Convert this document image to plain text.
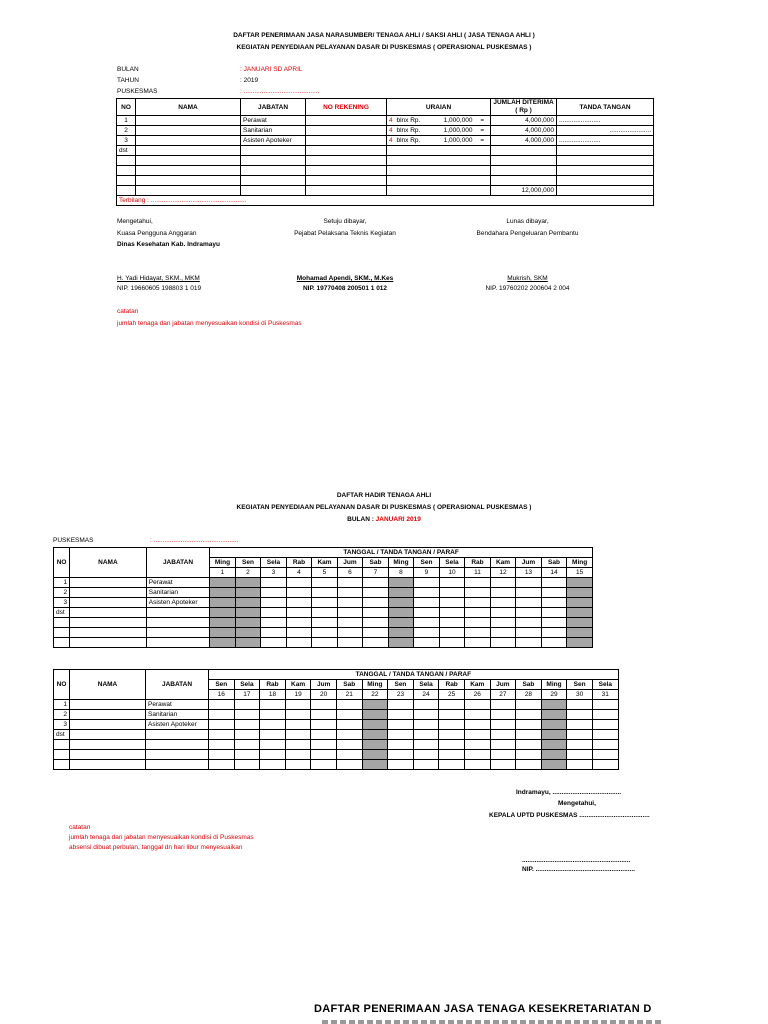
DAFTAR PENERIMAAN JASA NARASUMBER/ TENAGA AHLI / SAKSI AHLI ( JASA TENAGA AHLI )
KEGIATAN PENYEDIAAN PELAYANAN DASAR DI PUSKESMAS ( OPERASIONAL PUSKESMAS )
BULAN	: JANUARI SD APRIL
TAHUN	: 2019
PUSKESMAS	: ..........................................
NO	NAMA	JABATAN	NO REKENING	URAIAN				JUMLAH DITERIMA ( Rp )	TANDA TANGAN
1		Perawat		4	blnx Rp.	1,000,000	=	4,000,000	.......................
2		Sanitarian		4	blnx Rp.	1,000,000	=	4,000,000	.......................
3		Asisten Apoteker		4	blnx Rp.	1,000,000	=	4,000,000	.......................
dst									

								12,000,000	
Terbilang : .....................................................									
Mengetahui,
Kuasa Pengguna Anggaran
Dinas Kesehatan Kab. Indramayu
H. Yadi Hidayat, SKM., MKM
NIP. 19660605 198803 1 019
Setuju dibayar,
Pejabat Pelaksana Teknis Kegiatan
Mohamad Apendi, SKM., M.Kes
NIP. 19770408 200501 1 012
Lunas dibayar,
Bendahara Pengeluaran Pembantu
Mukrish, SKM
NIP. 19760202 200604 2 004
catatan
jumlah tenaga dan jabatan menyesuaikan kondisi di Puskesmas
DAFTAR HADIR TENAGA AHLI
KEGIATAN PENYEDIAAN PELAYANAN DASAR DI PUSKESMAS ( OPERASIONAL PUSKESMAS )
BULAN : JANUARI 2019
PUSKESMAS	: ...............................................
NO	NAMA	JABATAN	TANGGAL / TANDA TANGAN / PARAF														
			Ming	Sen	Sela	Rab	Kam	Jum	Sab	Ming	Sen	Sela	Rab	Kam	Jum	Sab	Ming
			1	2	3	4	5	6	7	8	9	10	11	12	13	14	15
1		Perawat															
2		Sanitarian															
3		Asisten Apoteker															
dst																	

NO	NAMA	JABATAN	TANGGAL / TANDA TANGAN / PARAF															
			Sen	Sela	Rab	Kam	Jum	Sab	Ming	Sen	Sela	Rab	Kam	Jum	Sab	Ming	Sen	Sela
			16	17	18	19	20	21	22	23	24	25	26	27	28	29	30	31
1		Perawat																
2		Sanitarian																
3		Asisten Apoteker																
dst																		

Indramayu, ......................................
Mengetahui,
KEPALA UPTD PUSKESMAS .......................................
............................................................
NIP. .......................................................
catatan
jumlah tenaga dan jabatan menyesuaikan kondisi di Puskesmas
absensi dibuat perbulan, tanggal dn hari libur menyesuaikan
DAFTAR PENERIMAAN JASA TENAGA KESEKRETARIATAN D
